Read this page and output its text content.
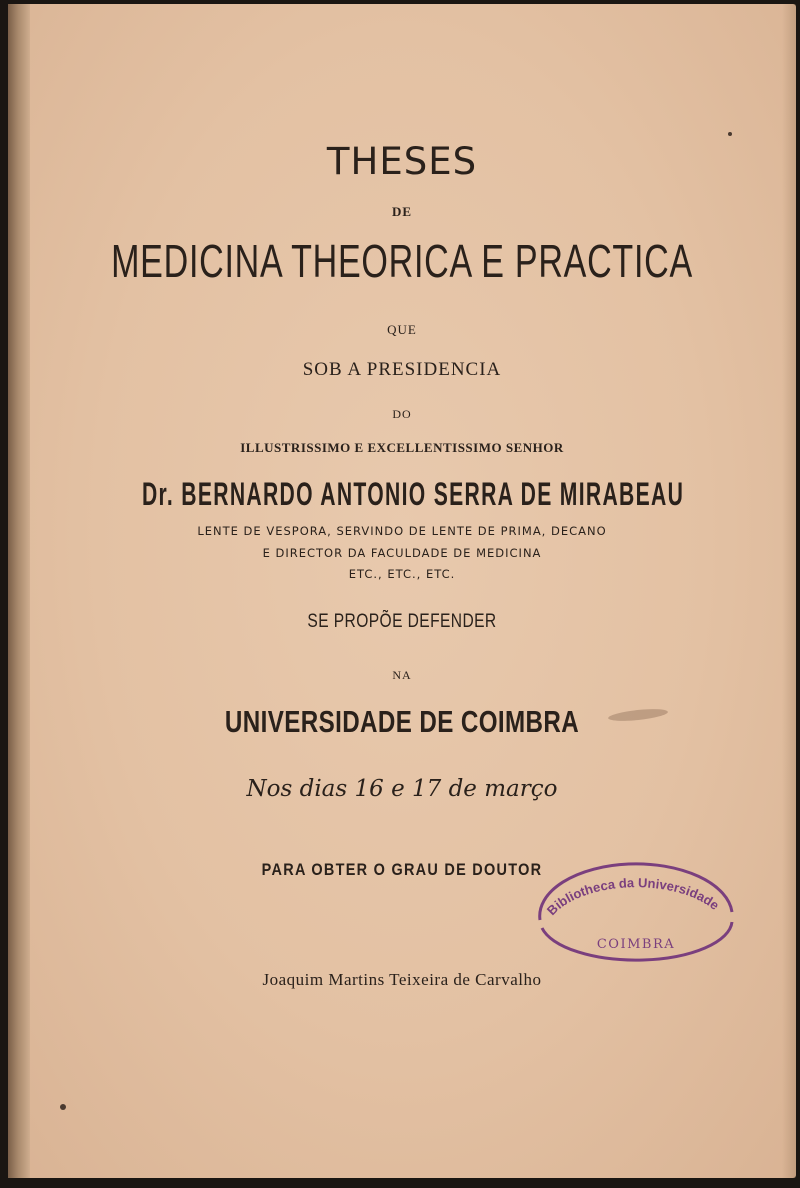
THESES
DE
MEDICINA THEORICA E PRACTICA
QUE
SOB A PRESIDENCIA
DO
ILLUSTRISSIMO E EXCELLENTISSIMO SENHOR
Dr. BERNARDO ANTONIO SERRA DE MIRABEAU
LENTE DE VESPORA, SERVINDO DE LENTE DE PRIMA, DECANO
E DIRECTOR DA FACULDADE DE MEDICINA
ETC., ETC., ETC.
SE PROPÕE DEFENDER
NA
UNIVERSIDADE DE COIMBRA
Nos dias 16 e 17 de março
PARA OBTER O GRAU DE DOUTOR
Joaquim Martins Teixeira de Carvalho
Bibliotheca da Universidade
COIMBRA
